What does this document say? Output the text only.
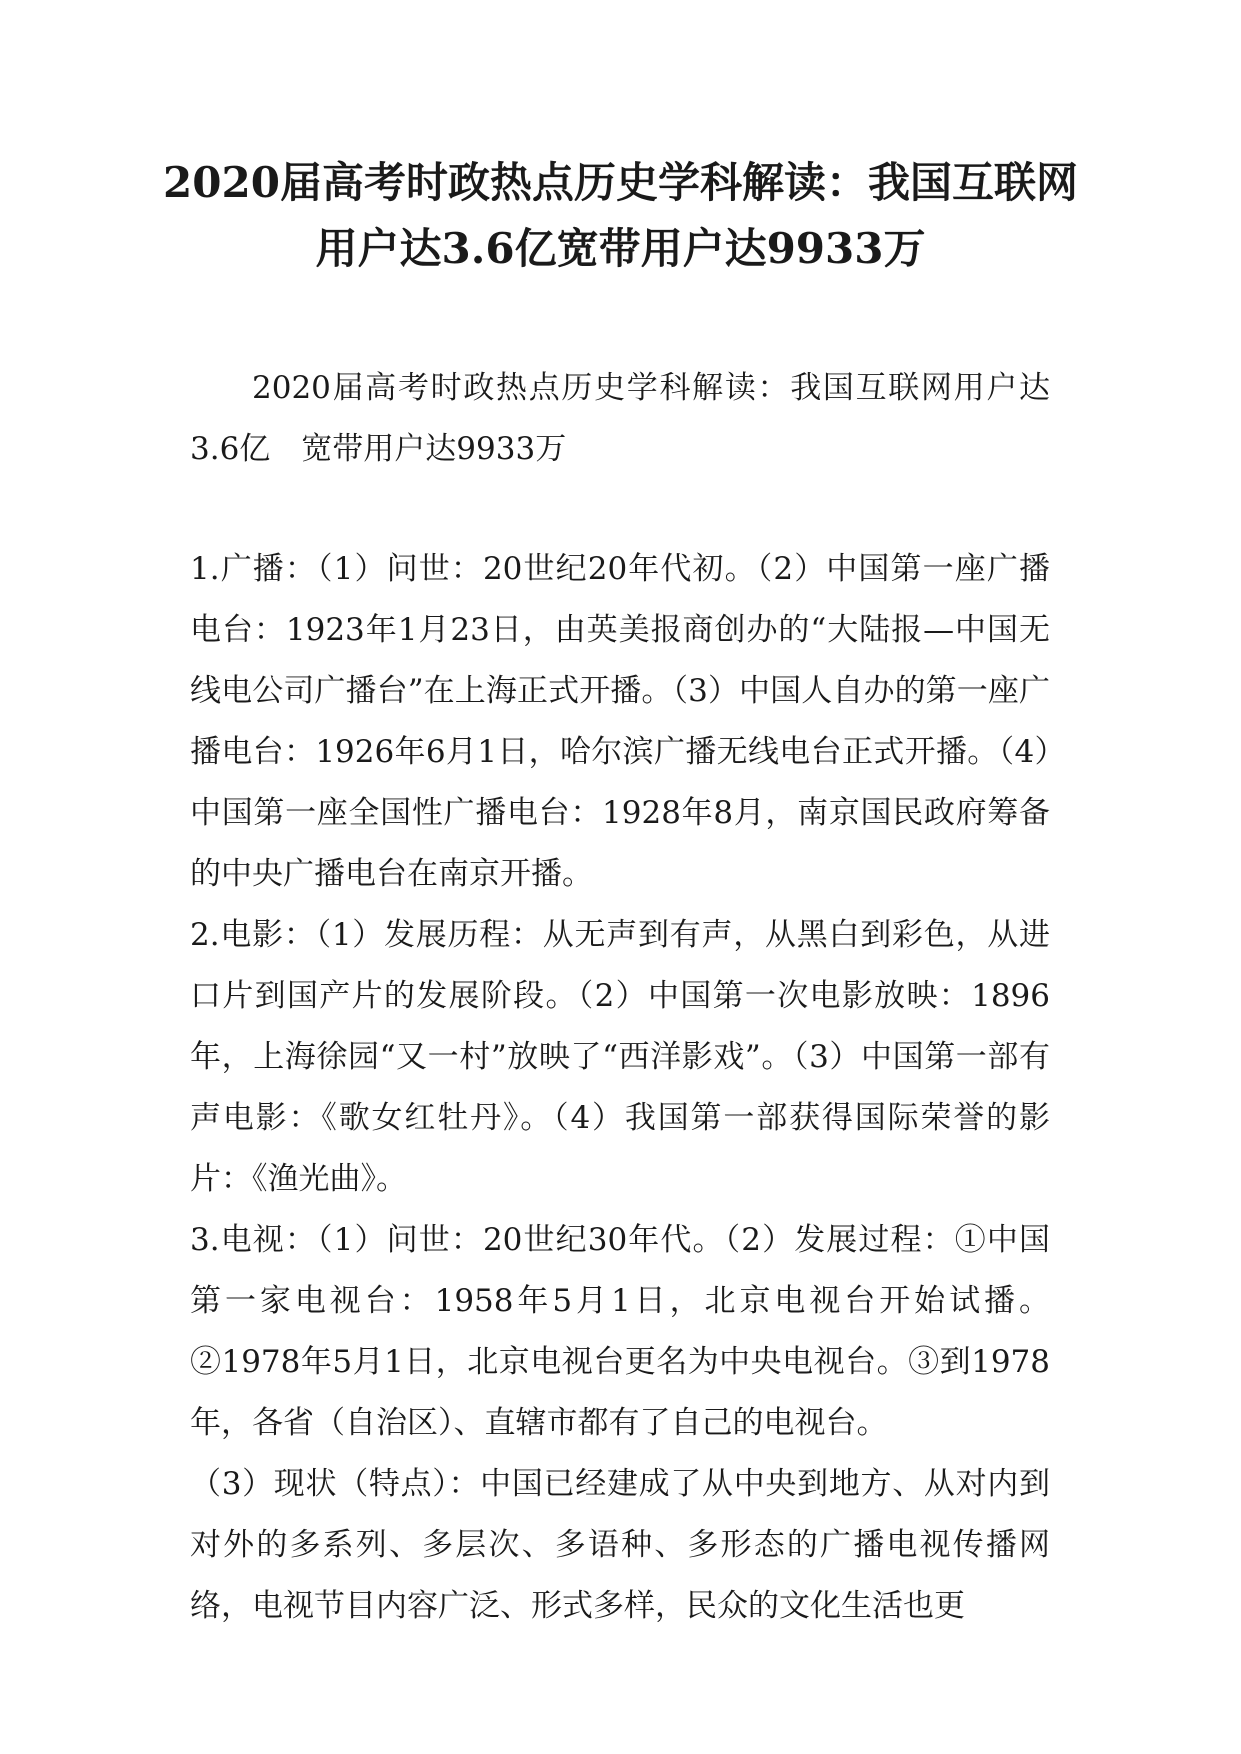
2020届高考时政热点历史学科解读：我国互联网用户达3.6亿宽带用户达9933万

2020届高考时政热点历史学科解读：我国互联网用户达3.6亿　宽带用户达9933万

1.广播：（1）问世：20世纪20年代初。（2）中国第一座广播电台：1923年1月23日，由英美报商创办的“大陆报—中国无线电公司广播台”在上海正式开播。（3）中国人自办的第一座广播电台：1926年6月1日，哈尔滨广播无线电台正式开播。（4）中国第一座全国性广播电台：1928年8月，南京国民政府筹备的中央广播电台在南京开播。

2.电影：（1）发展历程：从无声到有声，从黑白到彩色，从进口片到国产片的发展阶段。（2）中国第一次电影放映：1896年，上海徐园“又一村”放映了“西洋影戏”。（3）中国第一部有声电影：《歌女红牡丹》。（4）我国第一部获得国际荣誉的影片：《渔光曲》。

3.电视：（1）问世：20世纪30年代。（2）发展过程：①中国第一家电视台：1958年5月1日，北京电视台开始试播。②1978年5月1日，北京电视台更名为中央电视台。③到1978年，各省（自治区）、直辖市都有了自己的电视台。

（3）现状（特点）：中国已经建成了从中央到地方、从对内到对外的多系列、多层次、多语种、多形态的广播电视传播网络，电视节目内容广泛、形式多样，民众的文化生活也更
